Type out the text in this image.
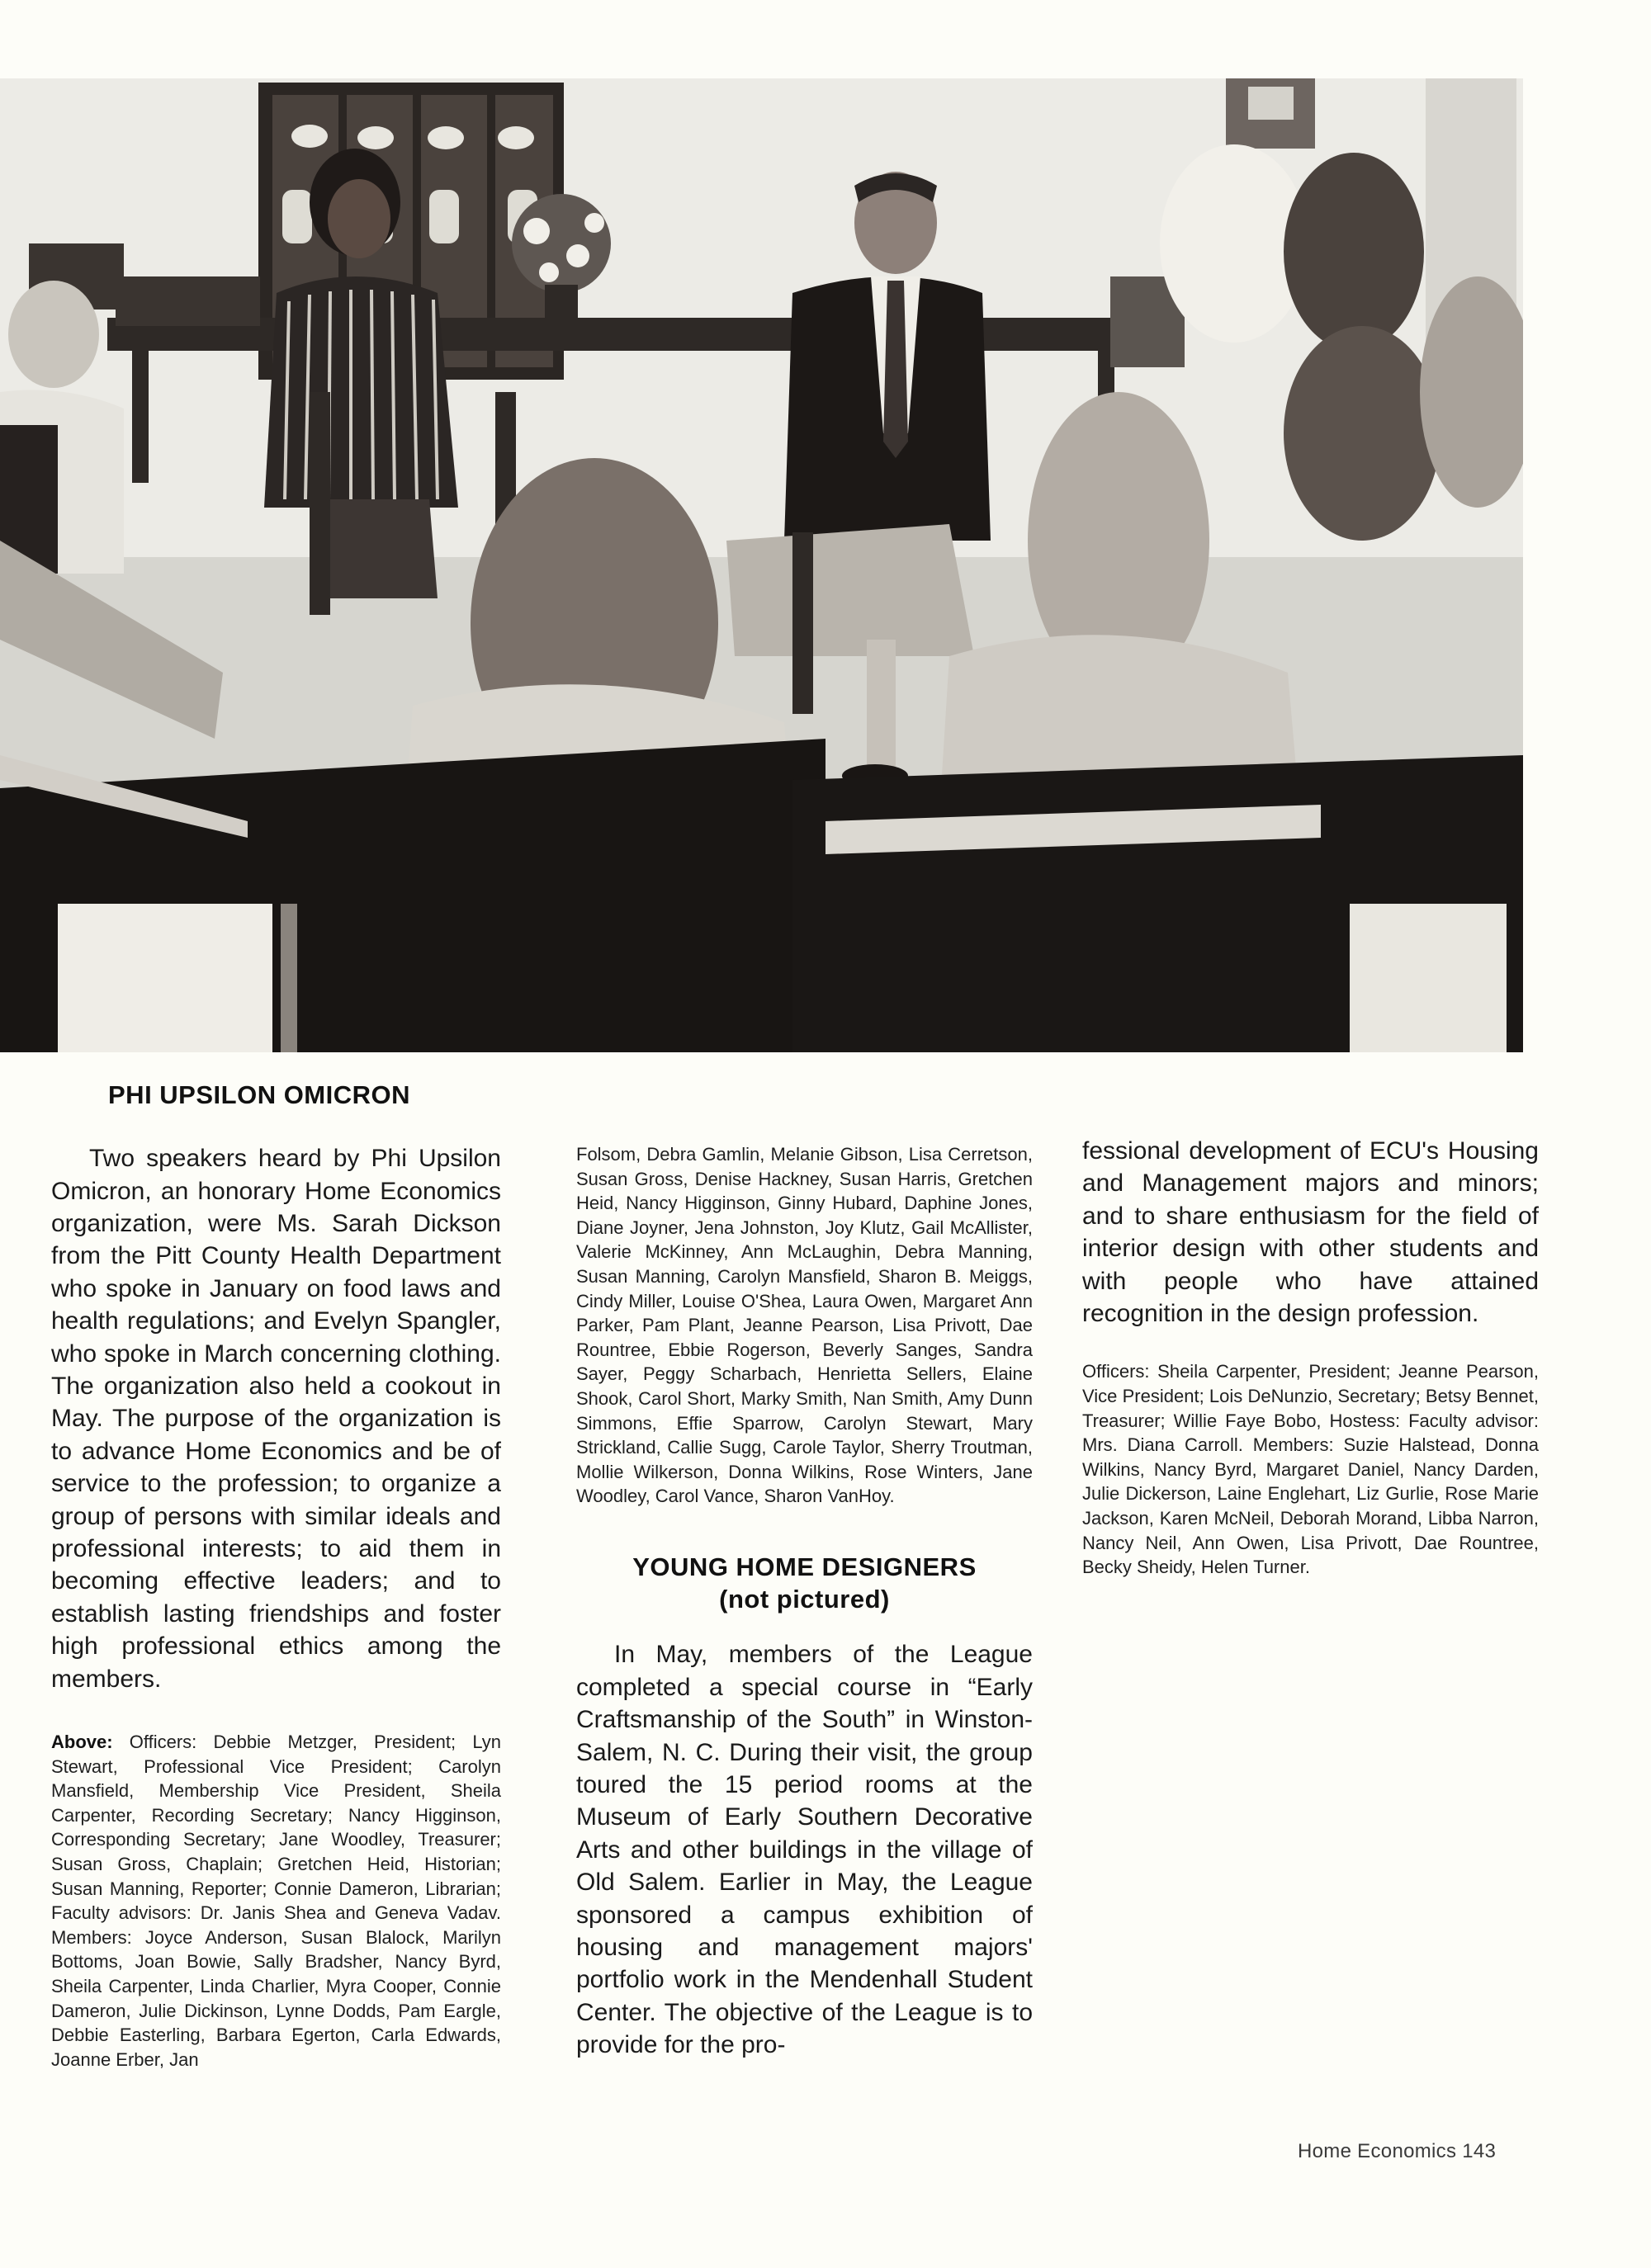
PHI UPSILON OMICRON

Two speakers heard by Phi Upsilon Omicron, an honorary Home Economics organization, were Ms. Sarah Dickson from the Pitt County Health Department who spoke in January on food laws and health regulations; and Evelyn Spangler, who spoke in March concerning clothing. The organization also held a cookout in May. The purpose of the organization is to advance Home Economics and be of service to the profession; to organize a group of persons with similar ideals and professional interests; to aid them in becoming effective leaders; and to establish lasting friendships and foster high professional ethics among the members.

Above: Officers: Debbie Metzger, President; Lyn Stewart, Professional Vice President; Carolyn Mansfield, Membership Vice President, Sheila Carpenter, Recording Secretary; Nancy Higginson, Corresponding Secretary; Jane Woodley, Treasurer; Susan Gross, Chaplain; Gretchen Heid, Historian; Susan Manning, Reporter; Connie Dameron, Librarian; Faculty advisors: Dr. Janis Shea and Geneva Vadav. Members: Joyce Anderson, Susan Blalock, Marilyn Bottoms, Joan Bowie, Sally Bradsher, Nancy Byrd, Sheila Carpenter, Linda Charlier, Myra Cooper, Connie Dameron, Julie Dickinson, Lynne Dodds, Pam Eargle, Debbie Easterling, Barbara Egerton, Carla Edwards, Joanne Erber, Jan

Folsom, Debra Gamlin, Melanie Gibson, Lisa Cerretson, Susan Gross, Denise Hackney, Susan Harris, Gretchen Heid, Nancy Higginson, Ginny Hubard, Daphine Jones, Diane Joyner, Jena Johnston, Joy Klutz, Gail McAllister, Valerie McKinney, Ann McLaughin, Debra Manning, Susan Manning, Carolyn Mansfield, Sharon B. Meiggs, Cindy Miller, Louise O'Shea, Laura Owen, Margaret Ann Parker, Pam Plant, Jeanne Pearson, Lisa Privott, Dae Rountree, Ebbie Rogerson, Beverly Sanges, Sandra Sayer, Peggy Scharbach, Henrietta Sellers, Elaine Shook, Carol Short, Marky Smith, Nan Smith, Amy Dunn Simmons, Effie Sparrow, Carolyn Stewart, Mary Strickland, Callie Sugg, Carole Taylor, Sherry Troutman, Mollie Wilkerson, Donna Wilkins, Rose Winters, Jane Woodley, Carol Vance, Sharon VanHoy.

YOUNG HOME DESIGNERS
(not pictured)

In May, members of the League completed a special course in “Early Craftsmanship of the South” in Winston-Salem, N. C. During their visit, the group toured the 15 period rooms at the Museum of Early Southern Decorative Arts and other buildings in the village of Old Salem. Earlier in May, the League sponsored a campus exhibition of housing and management majors' portfolio work in the Mendenhall Student Center. The objective of the League is to provide for the pro-

fessional development of ECU's Housing and Management majors and minors; and to share enthusiasm for the field of interior design with other students and with people who have attained recognition in the design profession.

Officers: Sheila Carpenter, President; Jeanne Pearson, Vice President; Lois DeNunzio, Secretary; Betsy Bennet, Treasurer; Willie Faye Bobo, Hostess: Faculty advisor: Mrs. Diana Carroll. Members: Suzie Halstead, Donna Wilkins, Nancy Byrd, Margaret Daniel, Nancy Darden, Julie Dickerson, Laine Englehart, Liz Gurlie, Rose Marie Jackson, Karen McNeil, Deborah Morand, Libba Narron, Nancy Neil, Ann Owen, Lisa Privott, Dae Rountree, Becky Sheidy, Helen Turner.

Home Economics 143
